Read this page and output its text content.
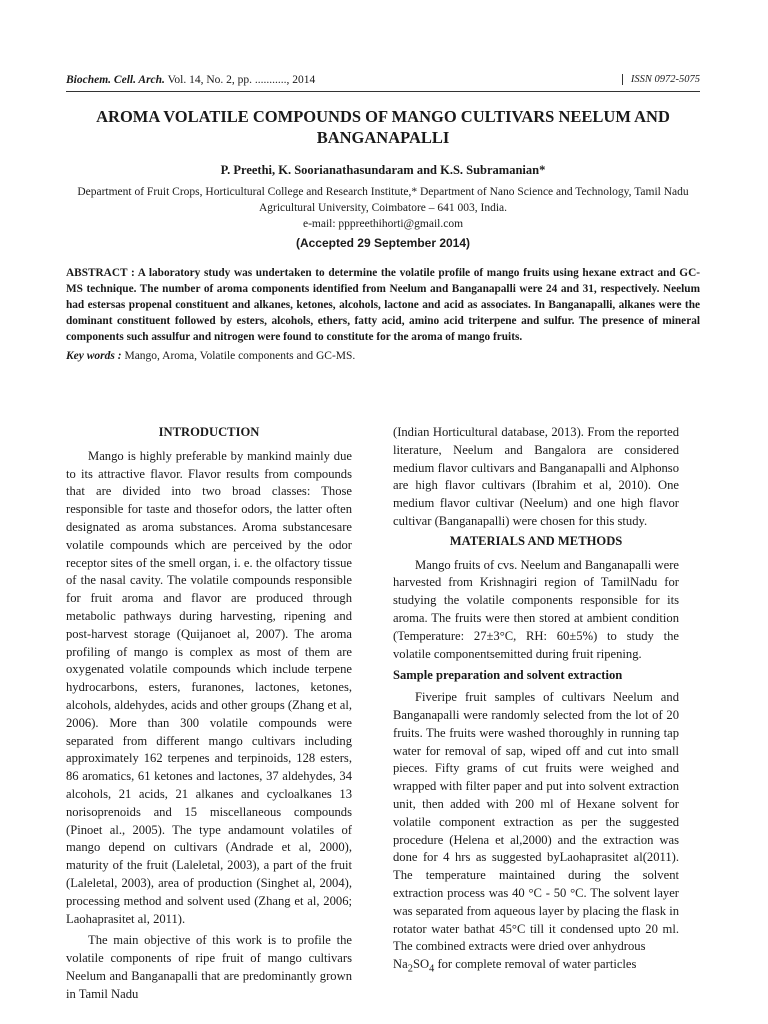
Biochem. Cell. Arch. Vol. 14, No. 2, pp. ..........., 2014	ISSN 0972-5075
AROMA VOLATILE COMPOUNDS OF MANGO CULTIVARS NEELUM AND BANGANAPALLI
P. Preethi, K. Soorianathasundaram and K.S. Subramanian*
Department of Fruit Crops, Horticultural College and Research Institute,* Department of Nano Science and Technology, Tamil Nadu Agricultural University, Coimbatore – 641 003, India.
e-mail: pppreethihorti@gmail.com
(Accepted 29 September 2014)
ABSTRACT : A laboratory study was undertaken to determine the volatile profile of mango fruits using hexane extract and GC-MS technique. The number of aroma components identified from Neelum and Banganapalli were 24 and 31, respectively. Neelum had estersas propenal constituent and alkanes, ketones, alcohols, lactone and acid as associates. In Banganapalli, alkanes were the dominant constituent followed by esters, alcohols, ethers, fatty acid, amino acid triterpene and sulfur. The presence of mineral components such assulfur and nitrogen were found to constitute for the aroma of mango fruits.
Key words : Mango, Aroma, Volatile components and GC-MS.
INTRODUCTION

Mango is highly preferable by mankind mainly due to its attractive flavor. Flavor results from compounds that are divided into two broad classes: Those responsible for taste and thosefor odors, the latter often designated as aroma substances. Aroma substancesare volatile compounds which are perceived by the odor receptor sites of the smell organ, i. e. the olfactory tissue of the nasal cavity. The volatile compounds responsible for fruit aroma and flavor are produced through metabolic pathways during harvesting, ripening and post-harvest storage (Quijanoet al, 2007). The aroma profiling of mango is complex as most of them are oxygenated volatile compounds which include terpene hydrocarbons, esters, furanones, lactones, ketones, alcohols, aldehydes, acids and other groups (Zhang et al, 2006). More than 300 volatile compounds were separated from different mango cultivars including approximately 162 terpenes and terpinoids, 128 esters, 86 aromatics, 61 ketones and lactones, 37 aldehydes, 34 alcohols, 21 acids, 21 alkanes and cycloalkanes 13 norisoprenoids and 15 miscellaneous compounds (Pinoet al., 2005). The type andamount volatiles of mango depend on cultivars (Andrade et al, 2000), maturity of the fruit (Laleletal, 2003), a part of the fruit (Laleletal, 2003), area of production (Singhet al, 2004), processing method and solvent used (Zhang et al, 2006; Laohaprasitet al, 2011).

The main objective of this work is to profile the volatile components of ripe fruit of mango cultivars Neelum and Banganapalli that are predominantly grown in Tamil Nadu

(Indian Horticultural database, 2013). From the reported literature, Neelum and Bangalora are considered medium flavor cultivars and Banganapalli and Alphonso are high flavor cultivars (Ibrahim et al, 2010). One medium flavor cultivar (Neelum) and one high flavor cultivar (Banganapalli) were chosen for this study.

MATERIALS AND METHODS

Mango fruits of cvs. Neelum and Banganapalli were harvested from Krishnagiri region of TamilNadu for studying the volatile components responsible for its aroma. The fruits were then stored at ambient condition (Temperature: 27±3°C, RH: 60±5%) to study the volatile componentsemitted during fruit ripening.

Sample preparation and solvent extraction

Fiveripe fruit samples of cultivars Neelum and Banganapalli were randomly selected from the lot of 20 fruits. The fruits were washed thoroughly in running tap water for removal of sap, wiped off and cut into small pieces. Fifty grams of cut fruits were weighed and wrapped with filter paper and put into solvent extraction unit, then added with 200 ml of Hexane solvent for volatile component extraction as per the suggested procedure (Helena et al,2000) and the extraction was done for 4 hrs as suggested byLaohaprasitet al(2011). The temperature maintained during the solvent extraction process was 40 °C - 50 °C. The solvent layer was separated from aqueous layer by placing the flask in rotator water bathat 45°C till it condensed upto 20 ml. The combined extracts were dried over anhydrous

$Na_2SO_4$ for complete removal of water particles
